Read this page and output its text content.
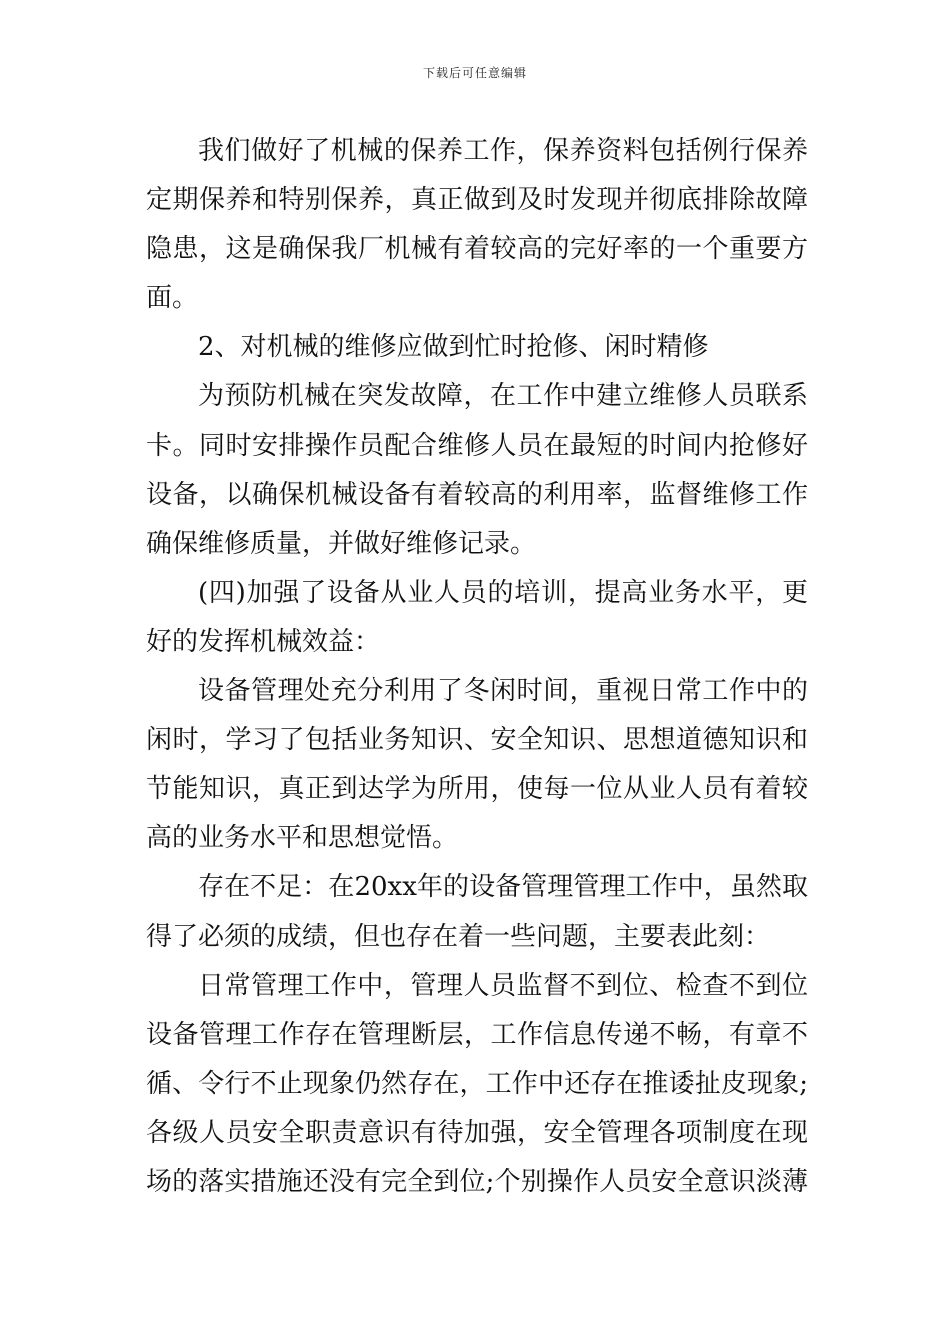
下载后可任意编辑
我们做好了机械的保养工作，保养资料包括例行保养
定期保养和特别保养，真正做到及时发现并彻底排除故障
隐患，这是确保我厂机械有着较高的完好率的一个重要方
面。
2、对机械的维修应做到忙时抢修、闲时精修
为预防机械在突发故障，在工作中建立维修人员联系
卡。同时安排操作员配合维修人员在最短的时间内抢修好
设备，以确保机械设备有着较高的利用率，监督维修工作
确保维修质量，并做好维修记录。
(四)加强了设备从业人员的培训，提高业务水平，更
好的发挥机械效益：
设备管理处充分利用了冬闲时间，重视日常工作中的
闲时，学习了包括业务知识、安全知识、思想道德知识和
节能知识，真正到达学为所用，使每一位从业人员有着较
高的业务水平和思想觉悟。
存在不足：在20xx年的设备管理管理工作中，虽然取
得了必须的成绩，但也存在着一些问题，主要表此刻：
日常管理工作中，管理人员监督不到位、检查不到位
设备管理工作存在管理断层，工作信息传递不畅，有章不
循、令行不止现象仍然存在，工作中还存在推诿扯皮现象;
各级人员安全职责意识有待加强，安全管理各项制度在现
场的落实措施还没有完全到位;个别操作人员安全意识淡薄
